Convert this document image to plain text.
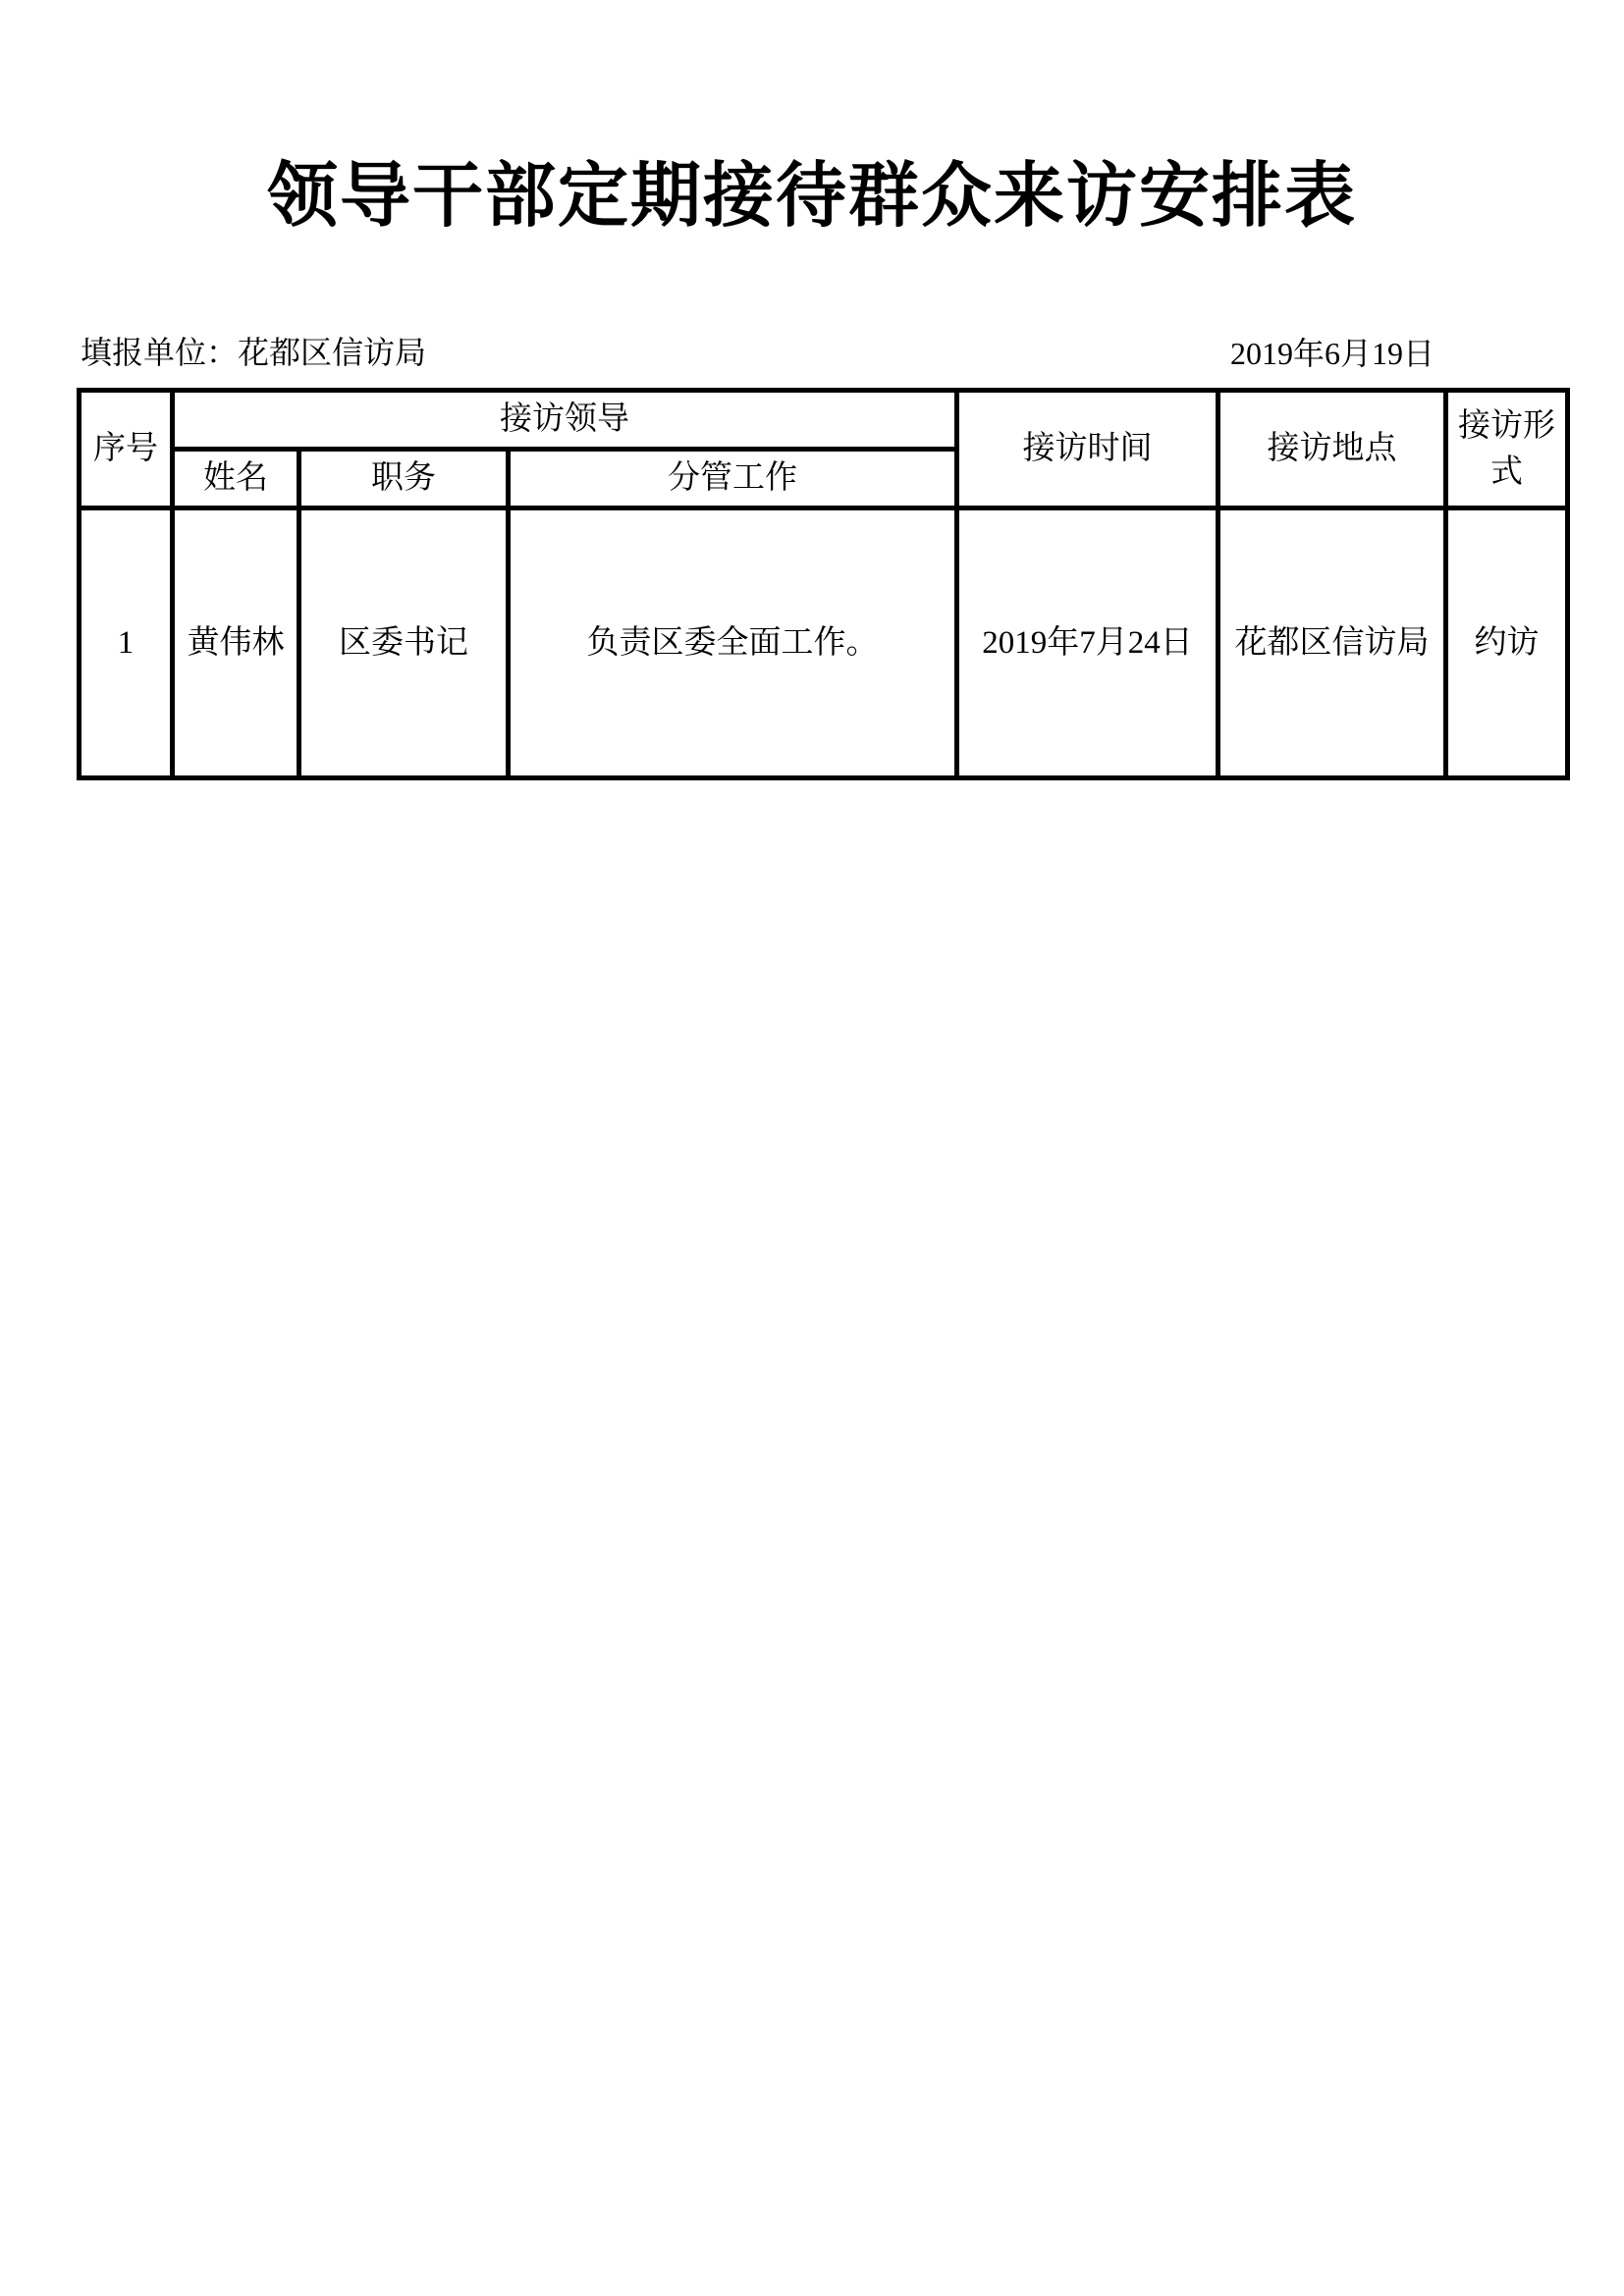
领导干部定期接待群众来访安排表
填报单位：花都区信访局	2019年6月19日
序号	接访领导			接访时间	接访地点	接访形式
	姓名	职务	分管工作			
1	黄伟林	区委书记	负责区委全面工作。	2019年7月24日	花都区信访局	约访
